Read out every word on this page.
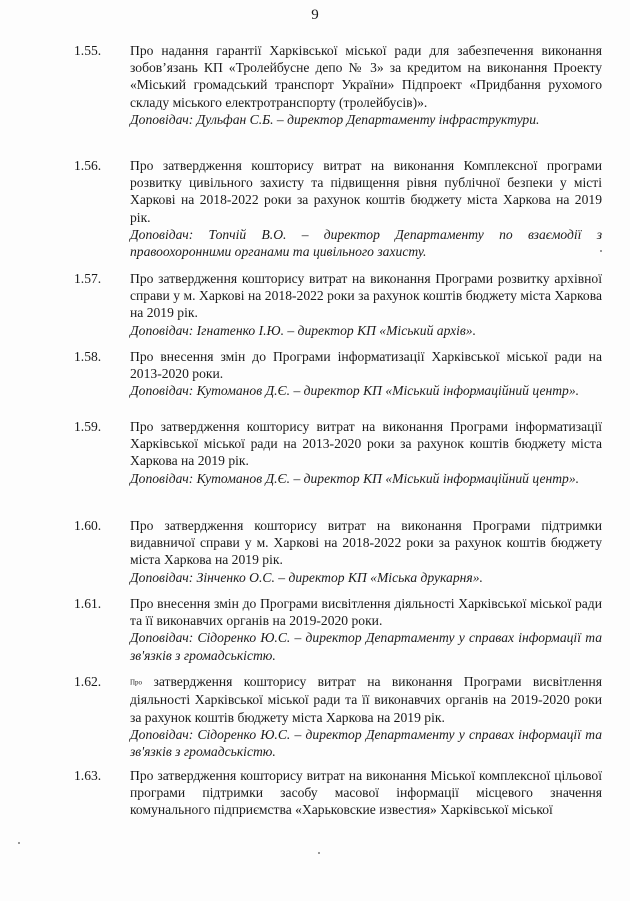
9
1.55.	Про надання гарантії Харківської міської ради для забезпечення виконання зобов’язань КП «Тролейбусне депо № 3» за кредитом на виконання Проекту «Міський громадський транспорт України» Підпроект «Придбання рухомого складу міського електротранспорту (тролейбусів)».
Доповідач: Дульфан С.Б. – директор Департаменту інфраструктури.
1.56.	Про затвердження кошторису витрат на виконання Комплексної програми розвитку цивільного захисту та підвищення рівня публічної безпеки у місті Харкові на 2018-2022 роки за рахунок коштів бюджету міста Харкова на 2019 рік.
Доповідач: Топчій В.О. – директор Департаменту по взаємодії з правоохоронними органами та цивільного захисту.
1.57.	Про затвердження кошторису витрат на виконання Програми розвитку архівної справи у м. Харкові на 2018-2022 роки за рахунок коштів бюджету міста Харкова на 2019 рік.
Доповідач: Ігнатенко І.Ю. – директор КП «Міський архів».
1.58.	Про внесення змін до Програми інформатизації Харківської міської ради на 2013-2020 роки.
Доповідач: Кутоманов Д.Є. – директор КП «Міський інформаційний центр».
1.59.	Про затвердження кошторису витрат на виконання Програми інформатизації Харківської міської ради на 2013-2020 роки за рахунок коштів бюджету міста Харкова на 2019 рік.
Доповідач: Кутоманов Д.Є. – директор КП «Міський інформаційний центр».
1.60.	Про затвердження кошторису витрат на виконання Програми підтримки видавничої справи у м. Харкові на 2018-2022 роки за рахунок коштів бюджету міста Харкова на 2019 рік.
Доповідач: Зінченко О.С. – директор КП «Міська друкарня».
1.61.	Про внесення змін до Програми висвітлення діяльності Харківської міської ради та її виконавчих органів на 2019-2020 роки.
Доповідач: Сідоренко Ю.С. – директор Департаменту у справах інформації та зв'язків з громадськістю.
1.62.	Про затвердження кошторису витрат на виконання Програми висвітлення діяльності Харківської міської ради та її виконавчих органів на 2019-2020 роки за рахунок коштів бюджету міста Харкова на 2019 рік.
Доповідач: Сідоренко Ю.С. – директор Департаменту у справах інформації та зв'язків з громадськістю.
1.63.	Про затвердження кошторису витрат на виконання Міської комплексної цільової програми підтримки засобу масової інформації місцевого значення комунального підприємства «Харьковские известия» Харківської міської
